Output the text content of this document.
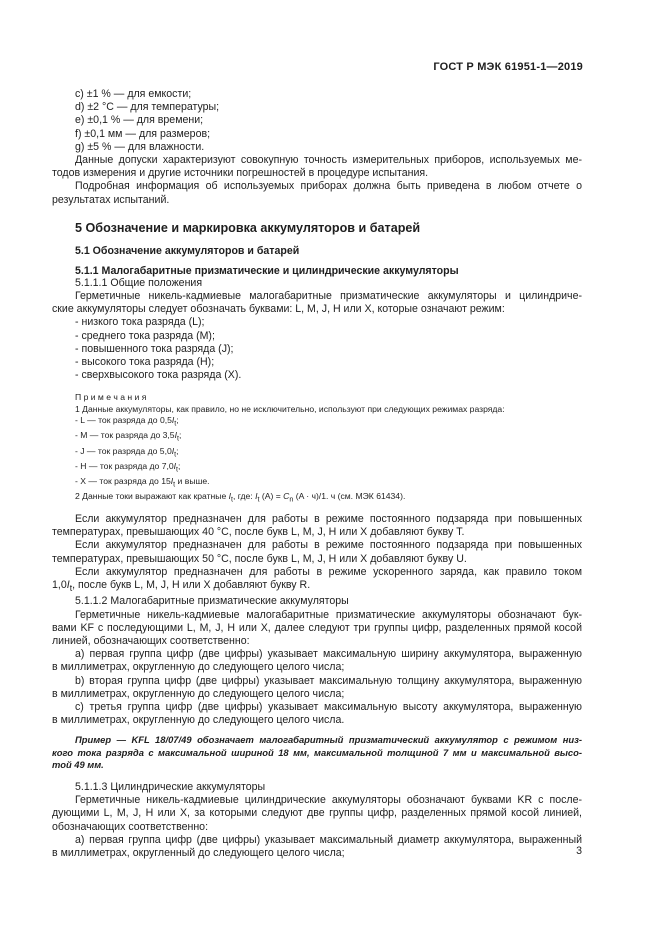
ГОСТ Р МЭК 61951-1—2019
c) ±1 % — для емкости;
d) ±2 °C — для температуры;
e) ±0,1 % — для времени;
f) ±0,1 мм — для размеров;
g) ±5 % — для влажности.
Данные допуски характеризуют совокупную точность измерительных приборов, используемых ме-
тодов измерения и другие источники погрешностей в процедуре испытания.
Подробная информация об используемых приборах должна быть приведена в любом отчете о
результатах испытаний.
5 Обозначение и маркировка аккумуляторов и батарей
5.1 Обозначение аккумуляторов и батарей
5.1.1 Малогабаритные призматические и цилиндрические аккумуляторы
5.1.1.1 Общие положения
Герметичные никель-кадмиевые малогабаритные призматические аккумуляторы и цилиндриче-
ские аккумуляторы следует обозначать буквами: L, M, J, H или X, которые означают режим:
- низкого тока разряда (L);
- среднего тока разряда (M);
- повышенного тока разряда (J);
- высокого тока разряда (H);
- сверхвысокого тока разряда (X).
П р и м е ч а н и я
1 Данные аккумуляторы, как правило, но не исключительно, используют при следующих режимах разряда:
- L — ток разряда до $0,5I_t$;
- M — ток разряда до $3,5I_t$;
- J — ток разряда до $5,0I_t$;
- H — ток разряда до $7,0I_t$;
- X — ток разряда до $15I_t$ и выше.
2 Данные токи выражают как кратные $I_t$, где: $I_t$ $(A) = C_n$ (A · ч)/1. ч (см. МЭК 61434).
Если аккумулятор предназначен для работы в режиме постоянного подзаряда при повышенных
температурах, превышающих 40 °C, после букв L, M, J, H или X добавляют букву T.
Если аккумулятор предназначен для работы в режиме постоянного подзаряда при повышенных
температурах, превышающих 50 °C, после букв L, M, J, H или X добавляют букву U.
Если аккумулятор предназначен для работы в режиме ускоренного заряда, как правило током
$1,0I_t$, после букв L, M, J, H или X добавляют букву R.
5.1.1.2 Малогабаритные призматические аккумуляторы
Герметичные никель-кадмиевые малогабаритные призматические аккумуляторы обозначают бук-
вами KF с последующими L, M, J, H или X, далее следуют три группы цифр, разделенных прямой косой
линией, обозначающих соответственно:
a) первая группа цифр (две цифры) указывает максимальную ширину аккумулятора, выраженную
в миллиметрах, округленную до следующего целого числа;
b) вторая группа цифр (две цифры) указывает максимальную толщину аккумулятора, выраженную
в миллиметрах, округленную до следующего целого числа;
c) третья группа цифр (две цифры) указывает максимальную высоту аккумулятора, выраженную
в миллиметрах, округленную до следующего целого числа.
Пример — KFL 18/07/49 обозначает малогабаритный призматический аккумулятор с режимом низ-
кого тока разряда с максимальной шириной 18 мм, максимальной толщиной 7 мм и максимальной высо-
той 49 мм.
5.1.1.3 Цилиндрические аккумуляторы
Герметичные никель-кадмиевые цилиндрические аккумуляторы обозначают буквами KR с после-
дующими L, M, J, H или X, за которыми следуют две группы цифр, разделенных прямой косой линией,
обозначающих соответственно:
a) первая группа цифр (две цифры) указывает максимальный диаметр аккумулятора, выраженный
в миллиметрах, округленный до следующего целого числа;	3
